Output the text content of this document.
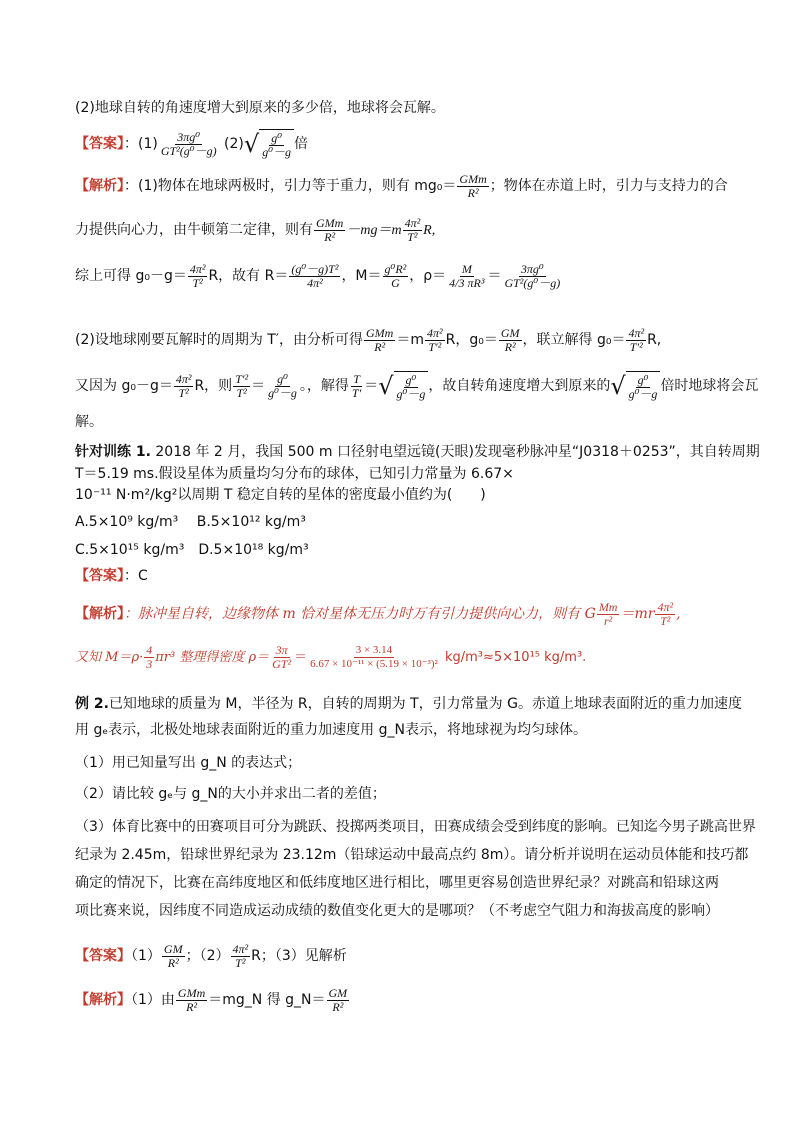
(2)地球自转的角速度增大到原来的多少倍，地球将会瓦解。
【答案】：$(1) \frac{\text{3πg⁰}}{\text{GT²(g⁰－g)}} (2)$ √ $\frac{\text{g⁰}}{\text{g⁰－g}}$ 倍
【解析】：(1)物体在地球两极时，引力等于重力，则有 $mg_0= \frac{\text{GMm}}{\text{R²}}$ ；物体在赤道上时，引力与支持力的合
力提供向心力，由牛顿第二定律，则有 $\frac{\text{GMm}}{\text{R²}} -mg=m \frac{\text{4π²}}{\text{T²}} R$,
综上可得 $g_0-g= \frac{\text{4π²}}{\text{T²}}$ R，故有 $R= \frac{\text{(g⁰－g)T²}}{\text{4π²}}$ ，$M= \frac{\text{g⁰R²}}{G}$ ，$\rho= \frac{M}{\text{4/3 πR³}} = \frac{\text{3πg⁰}}{\text{GT²(g⁰－g)}}$
(2)设地球刚要瓦解时的周期为 T′，由分析可得 $\frac{\text{GMm}}{\text{R²}} =m \frac{\text{4π²}}{\text{T′²}}$ R，$g_0= \frac{GM}{\text{R²}}$ ，联立解得 $g_0= \frac{\text{4π²}}{\text{T′²}} R$,
又因为 $g_0-g= \frac{\text{4π²}}{\text{T²}}$ R，则 $\frac{\text{T′²}}{\text{T²}} = \frac{\text{g⁰}}{\text{g⁰－g}}$ 。，解得 $\frac{T}{T'}$ ＝ √ $\frac{\text{g⁰}}{\text{g⁰－g}}$ ，故自转角速度增大到原来的 √ $\frac{\text{g⁰}}{\text{g⁰－g}}$ 倍时地球将会瓦
解。
针对训练 1. 2018 年 2 月，我国 500 m 口径射电望远镜(天眼)发现毫秒脉冲星“J0318＋0253”，其自转周期
T＝5.19 ms.假设星体为质量均匀分布的球体，已知引力常量为 6.67×
10⁻¹¹ N·m²/kg²以周期 T 稳定自转的星体的密度最小值约为(　　)
A.5×10⁹ kg/m³　 B.5×10¹² kg/m³
C.5×10¹⁵ kg/m³　 D.5×10¹⁸ kg/m³
【答案】：C
【解析】：脉冲星自转，边缘物体 m 恰对星体无压力时万有引力提供向心力，则有 G $\frac{Mm}{\text{r²}} =mr \frac{\text{4π²}}{\text{T²}}$ ,
又知 $M=\rho\cdot \frac{4}{3} \pi r^3$ 整理得密度 $\rho= \frac{3\pi}{\text{GT²}} = \frac{3 \times 3.14}{\text{6.67 × 10⁻¹¹ × (5.19 × 10⁻³)²}} kg/m^3\approx 5\times 10^{15}$ kg/m³.
例 2.已知地球的质量为 M，半径为 R，自转的周期为 T，引力常量为 G。赤道上地球表面附近的重力加速度
用 gₑ表示，北极处地球表面附近的重力加速度用 g_N表示，将地球视为均匀球体。
（1）用已知量写出 g_N 的表达式；
（2）请比较 gₑ与 g_N的大小并求出二者的差值；
（3）体育比赛中的田赛项目可分为跳跃、投掷两类项目，田赛成绩会受到纬度的影响。已知迄今男子跳高世界
纪录为 2.45m，铅球世界纪录为 23.12m（铅球运动中最高点约 8m）。请分析并说明在运动员体能和技巧都
确定的情况下，比赛在高纬度地区和低纬度地区进行相比，哪里更容易创造世界纪录？对跳高和铅球这两
项比赛来说，因纬度不同造成运动成绩的数值变化更大的是哪项？（不考虑空气阻力和海拔高度的影响）
【答案】$(1) \frac{GM}{\text{R²}}$ ；$(2) \frac{\text{4π²}}{\text{T²}}$ R；（3）见解析
【解析】（1）由 $\frac{\text{GMm}}{\text{R²}}$ ＝mg_N 得 g_N＝ $\frac{GM}{\text{R²}}$
